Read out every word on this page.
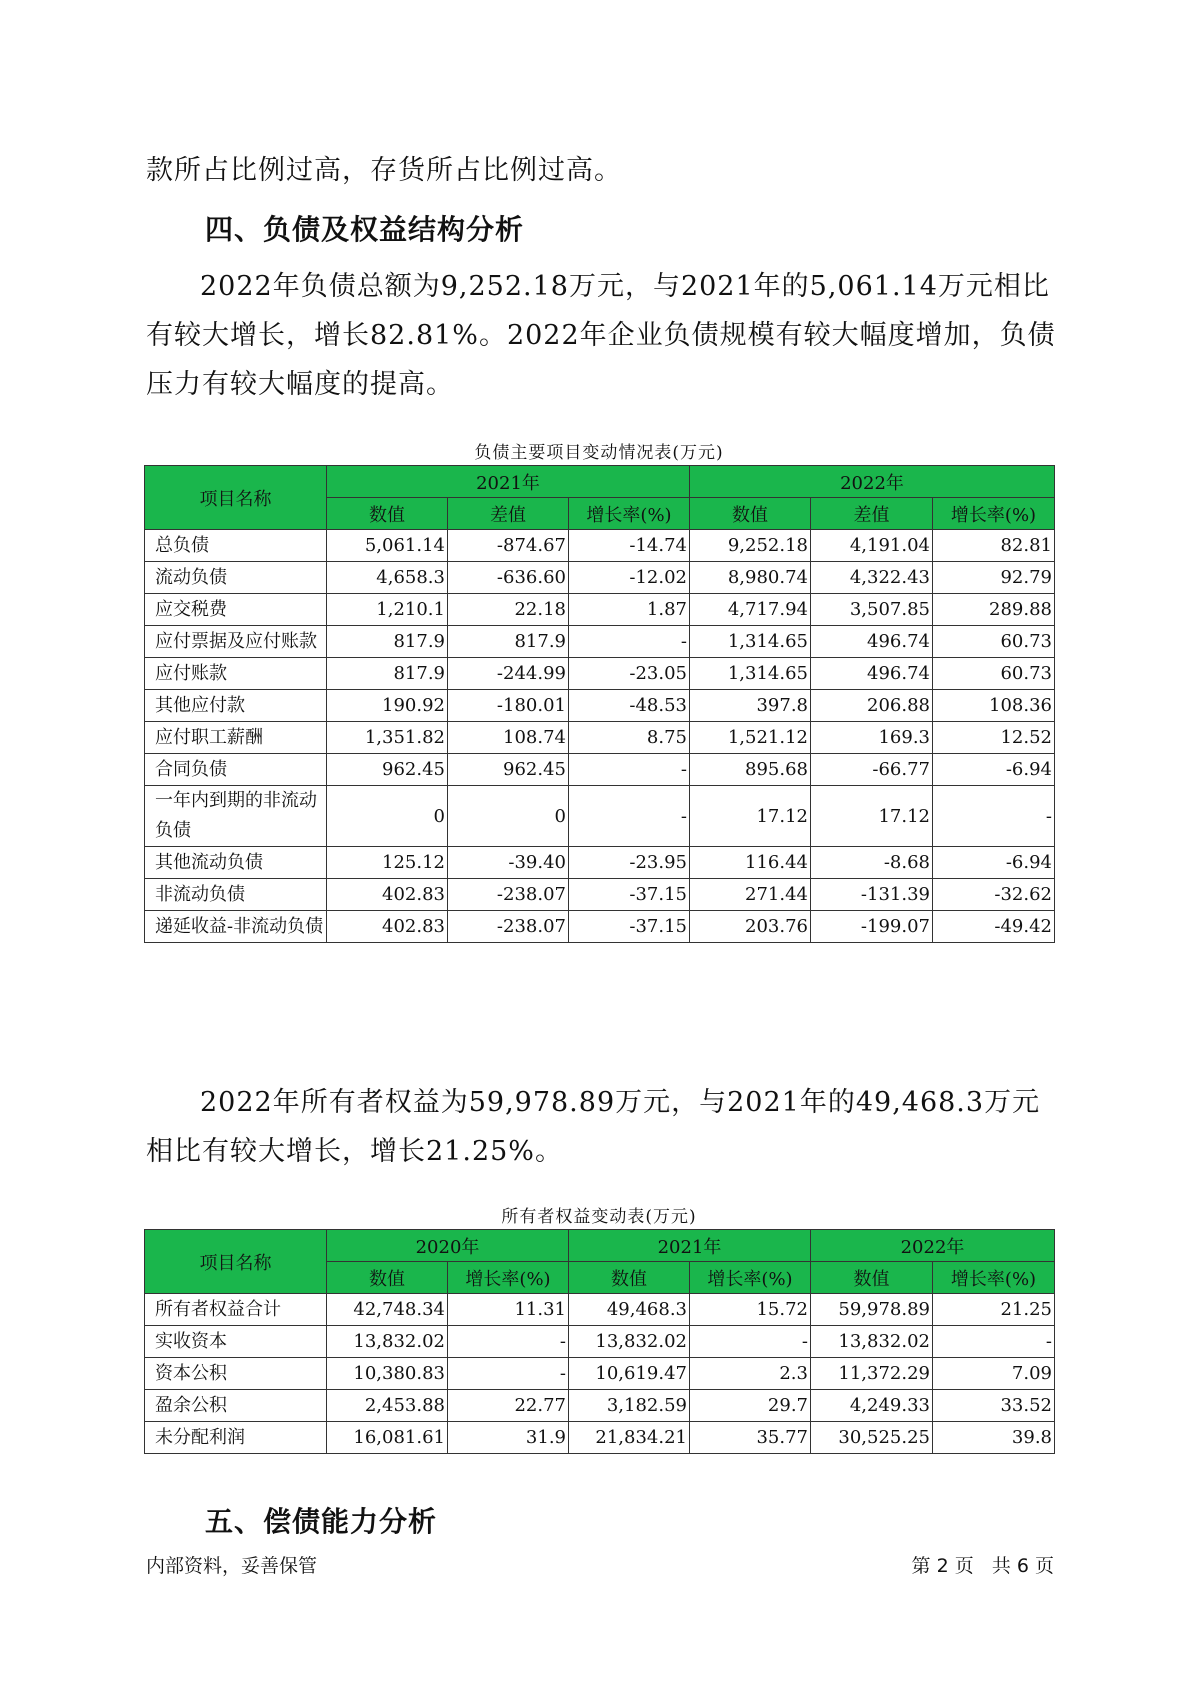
款所占比例过高，存货所占比例过高。

四、负债及权益结构分析

2022年负债总额为9,252.18万元，与2021年的5,061.14万元相比有较大增长，增长82.81%。2022年企业负债规模有较大幅度增加，负债压力有较大幅度的提高。

负债主要项目变动情况表(万元)

项目名称	2021年			2022年		
	数值	差值	增长率(%)	数值	差值	增长率(%)
总负债	5,061.14	-874.67	-14.74	9,252.18	4,191.04	82.81
流动负债	4,658.3	-636.60	-12.02	8,980.74	4,322.43	92.79
应交税费	1,210.1	22.18	1.87	4,717.94	3,507.85	289.88
应付票据及应付账款	817.9	817.9	-	1,314.65	496.74	60.73
应付账款	817.9	-244.99	-23.05	1,314.65	496.74	60.73
其他应付款	190.92	-180.01	-48.53	397.8	206.88	108.36
应付职工薪酬	1,351.82	108.74	8.75	1,521.12	169.3	12.52
合同负债	962.45	962.45	-	895.68	-66.77	-6.94
一年内到期的非流动负债	0	0	-	17.12	17.12	-
其他流动负债	125.12	-39.40	-23.95	116.44	-8.68	-6.94
非流动负债	402.83	-238.07	-37.15	271.44	-131.39	-32.62
递延收益-非流动负债	402.83	-238.07	-37.15	203.76	-199.07	-49.42

2022年所有者权益为59,978.89万元，与2021年的49,468.3万元相比有较大增长，增长21.25%。

所有者权益变动表(万元)

项目名称	2020年		2021年		2022年	
	数值	增长率(%)	数值	增长率(%)	数值	增长率(%)
所有者权益合计	42,748.34	11.31	49,468.3	15.72	59,978.89	21.25
实收资本	13,832.02	-	13,832.02	-	13,832.02	-
资本公积	10,380.83	-	10,619.47	2.3	11,372.29	7.09
盈余公积	2,453.88	22.77	3,182.59	29.7	4,249.33	33.52
未分配利润	16,081.61	31.9	21,834.21	35.77	30,525.25	39.8
五、偿债能力分析
内部资料，妥善保管	第 2 页   共 6 页
